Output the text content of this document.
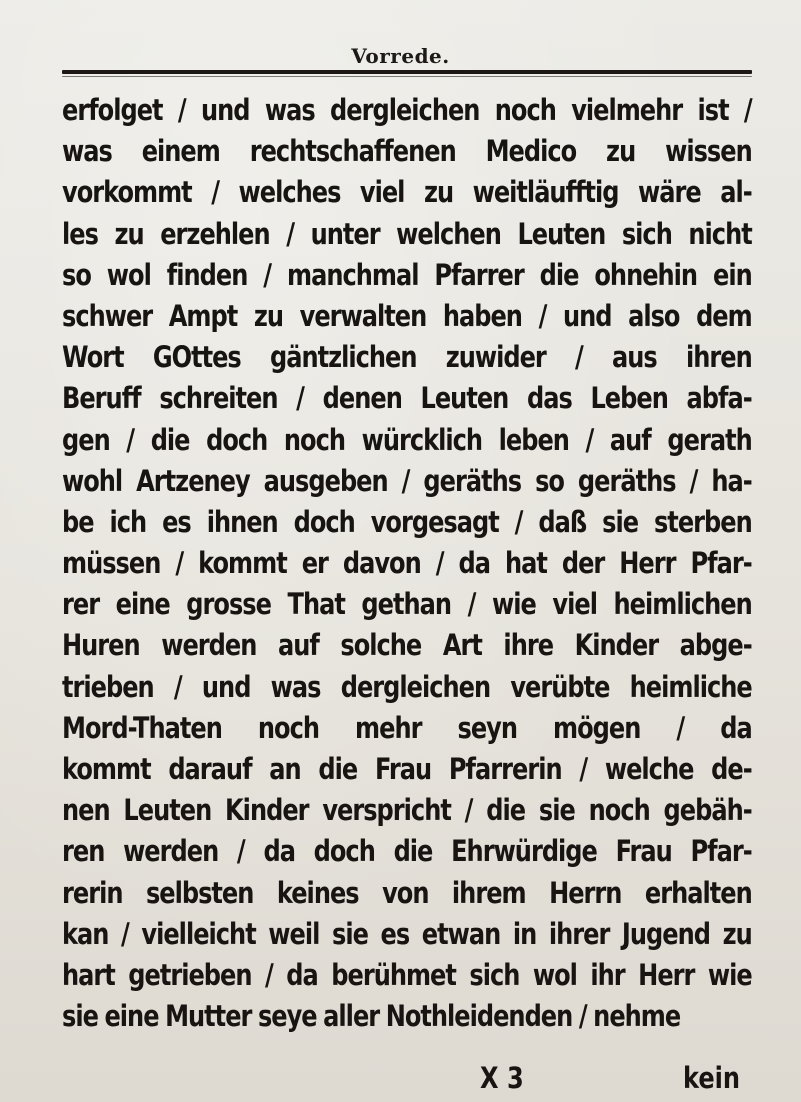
Vorrede.
erfolget / und was dergleichen noch vielmehr ist /
was einem rechtschaffenen Medico zu wissen
vorkommt / welches viel zu weitläufftig wäre al-
les zu erzehlen / unter welchen Leuten sich nicht
so wol finden / manchmal Pfarrer die ohnehin ein
schwer Ampt zu verwalten haben / und also dem
Wort GOttes gäntzlichen zuwider / aus ihren
Beruff schreiten / denen Leuten das Leben abfa-
gen / die doch noch würcklich leben / auf gerath
wohl Artzeney ausgeben / geräths so geräths / ha-
be ich es ihnen doch vorgesagt / daß sie sterben
müssen / kommt er davon / da hat der Herr Pfar-
rer eine grosse That gethan / wie viel heimlichen
Huren werden auf solche Art ihre Kinder abge-
trieben / und was dergleichen verübte heimliche
Mord-Thaten noch mehr seyn mögen / da
kommt darauf an die Frau Pfarrerin / welche de-
nen Leuten Kinder verspricht / die sie noch gebäh-
ren werden / da doch die Ehrwürdige Frau Pfar-
rerin selbsten keines von ihrem Herrn erhalten
kan / vielleicht weil sie es etwan in ihrer Jugend zu
hart getrieben / da berühmet sich wol ihr Herr wie
sie eine Mutter seye aller Nothleidenden / nehme
X 3	kein
